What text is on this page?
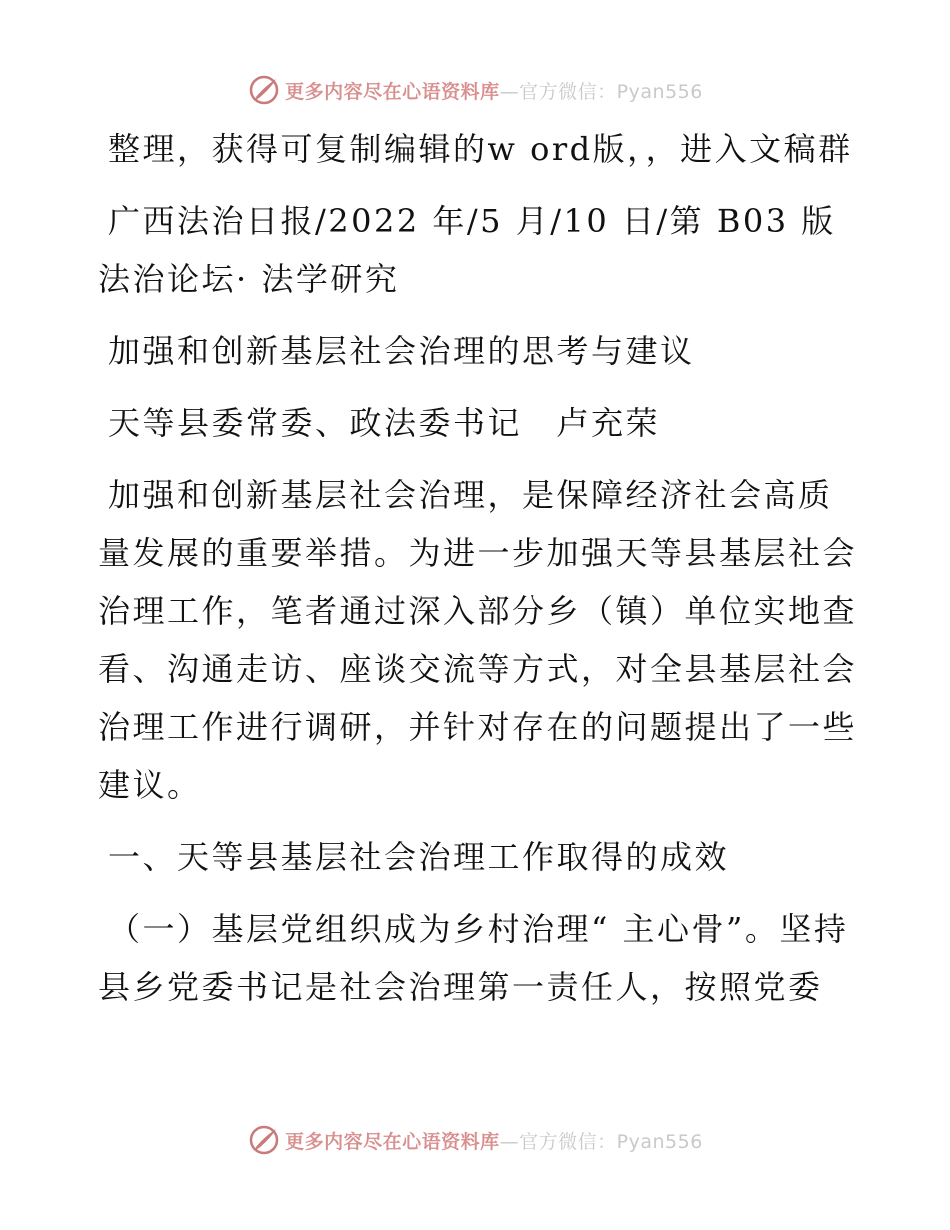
更多内容尽在心语资料库—官方微信：Pyan556

整理，获得可复制编辑的w ord版，，进入文稿群

广西法治日报/2022 年/5 月/10 日/第 B03 版法治论坛· 法学研究

加强和创新基层社会治理的思考与建议

天等县委常委、政法委书记　卢充荣

加强和创新基层社会治理，是保障经济社会高质量发展的重要举措。为进一步加强天等县基层社会治理工作，笔者通过深入部分乡（镇）单位实地查看、沟通走访、座谈交流等方式，对全县基层社会治理工作进行调研，并针对存在的问题提出了一些建议。

一、天等县基层社会治理工作取得的成效

（一）基层党组织成为乡村治理“ 主心骨”。坚持县乡党委书记是社会治理第一责任人，按照党委

更多内容尽在心语资料库—官方微信：Pyan556
